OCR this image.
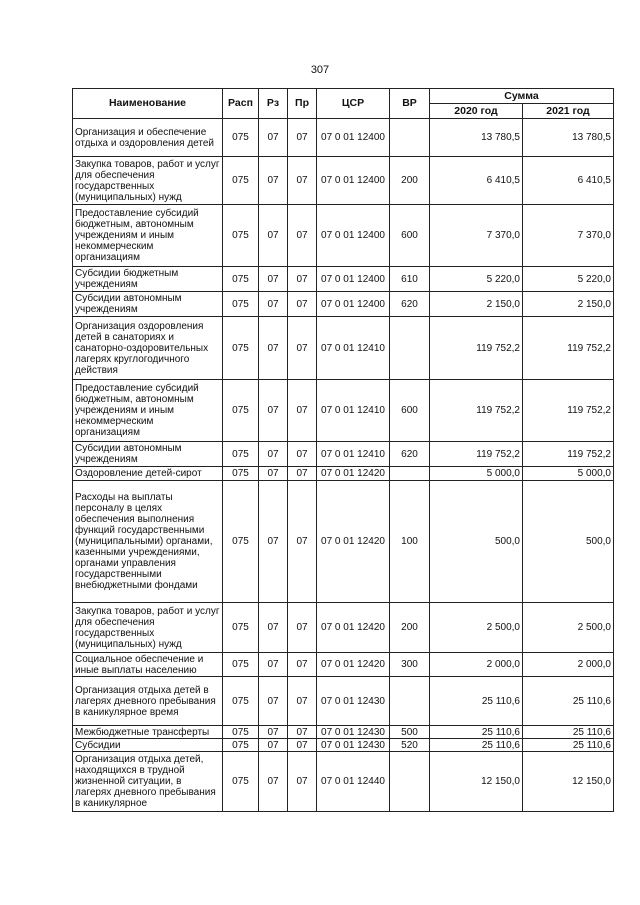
307
Наименование	Расп	Рз	Пр	ЦСР	ВР	Сумма	
						2020 год	2021 год
Организация и обеспечение отдыха и оздоровления детей	075	07	07	07 0 01 12400		13 780,5	13 780,5
Закупка товаров, работ и услуг для обеспечения государственных (муниципальных) нужд	075	07	07	07 0 01 12400	200	6 410,5	6 410,5
Предоставление субсидий бюджетным, автономным учреждениям и иным некоммерческим организациям	075	07	07	07 0 01 12400	600	7 370,0	7 370,0
Субсидии бюджетным учреждениям	075	07	07	07 0 01 12400	610	5 220,0	5 220,0
Субсидии автономным учреждениям	075	07	07	07 0 01 12400	620	2 150,0	2 150,0
Организация оздоровления детей в санаториях и санаторно-оздоровительных лагерях круглогодичного действия	075	07	07	07 0 01 12410		119 752,2	119 752,2
Предоставление субсидий бюджетным, автономным учреждениям и иным некоммерческим организациям	075	07	07	07 0 01 12410	600	119 752,2	119 752,2
Субсидии автономным учреждениям	075	07	07	07 0 01 12410	620	119 752,2	119 752,2
Оздоровление детей-сирот	075	07	07	07 0 01 12420		5 000,0	5 000,0
Расходы на выплаты персоналу в целях обеспечения выполнения функций государственными (муниципальными) органами, казенными учреждениями, органами управления государственными внебюджетными фондами	075	07	07	07 0 01 12420	100	500,0	500,0
Закупка товаров, работ и услуг для обеспечения государственных (муниципальных) нужд	075	07	07	07 0 01 12420	200	2 500,0	2 500,0
Социальное обеспечение и иные выплаты населению	075	07	07	07 0 01 12420	300	2 000,0	2 000,0
Организация отдыха детей в лагерях дневного пребывания в каникулярное время	075	07	07	07 0 01 12430		25 110,6	25 110,6
Межбюджетные трансферты	075	07	07	07 0 01 12430	500	25 110,6	25 110,6
Субсидии	075	07	07	07 0 01 12430	520	25 110,6	25 110,6
Организация отдыха детей, находящихся в трудной жизненной ситуации, в лагерях дневного пребывания в каникулярное	075	07	07	07 0 01 12440		12 150,0	12 150,0
